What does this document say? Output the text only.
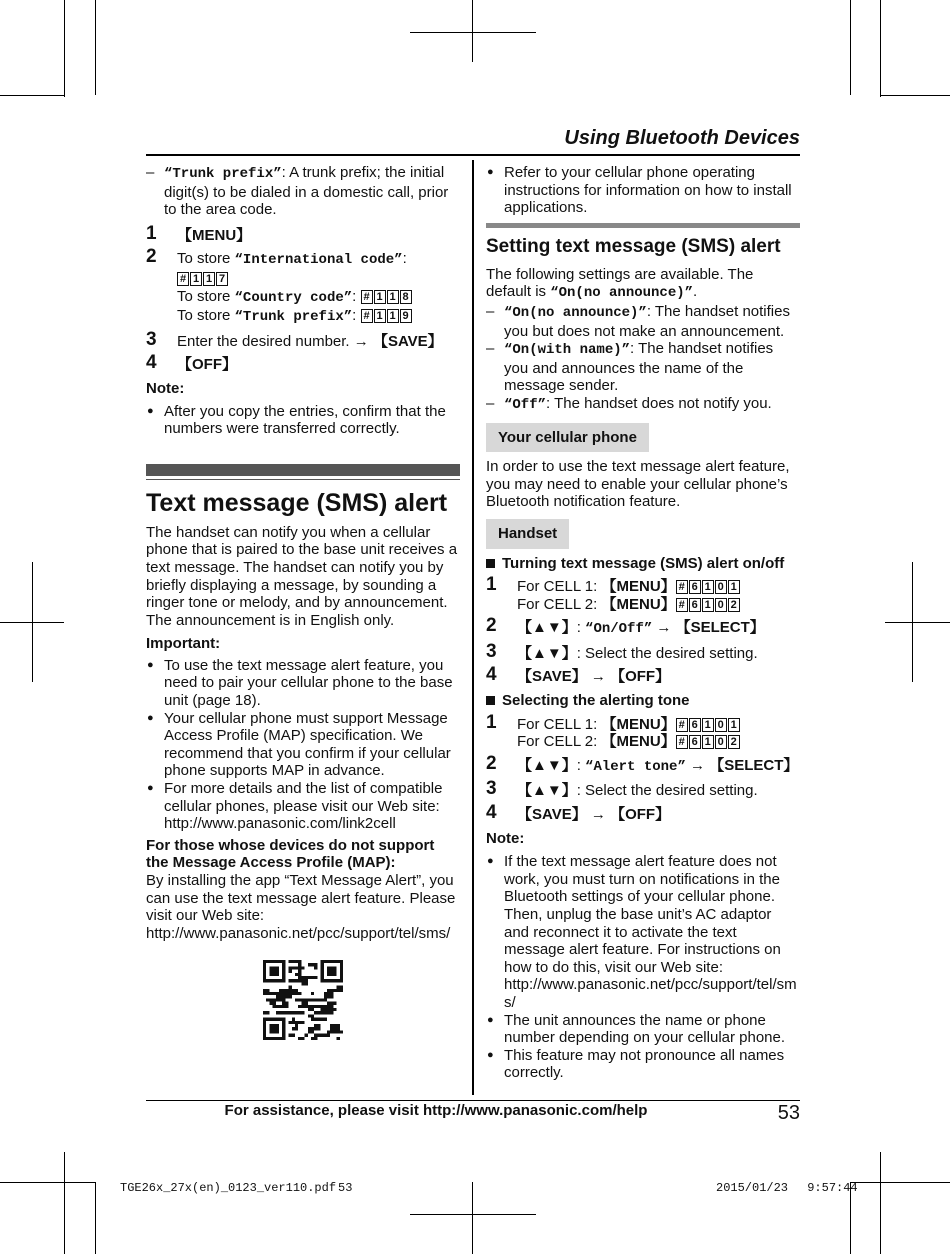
Using Bluetooth Devices

– “Trunk prefix”: A trunk prefix; the initial digit(s) to be dialed in a domestic call, prior to the area code.

1 【MENU】
2 To store “International code”:
# 1 1 7
To store “Country code”: # 1 1 8
To store “Trunk prefix”: # 1 1 9
3 Enter the desired number. → 【SAVE】
4 【OFF】

Note:

● After you copy the entries, confirm that the numbers were transferred correctly.

Text message (SMS) alert

The handset can notify you when a cellular phone that is paired to the base unit receives a text message. The handset can notify you by briefly displaying a message, by sounding a ringer tone or melody, and by announcement. The announcement is in English only.

Important:

● To use the text message alert feature, you need to pair your cellular phone to the base unit (page 18).

● Your cellular phone must support Message Access Profile (MAP) specification. We recommend that you confirm if your cellular phone supports MAP in advance.

● For more details and the list of compatible cellular phones, please visit our Web site: http://www.panasonic.com/link2cell

For those whose devices do not support the Message Access Profile (MAP):

By installing the app “Text Message Alert”, you can use the text message alert feature. Please visit our Web site:

http://www.panasonic.net/pcc/support/tel/sms/

● Refer to your cellular phone operating instructions for information on how to install applications.

Setting text message (SMS) alert

The following settings are available. The default is “On(no announce)”.

– “On(no announce)”: The handset notifies you but does not make an announcement.

– “On(with name)”: The handset notifies you and announces the name of the message sender.

– “Off”: The handset does not notify you.

Your cellular phone

In order to use the text message alert feature, you may need to enable your cellular phone’s Bluetooth notification feature.

Handset

Turning text message (SMS) alert on/off

1 For CELL 1: 【MENU】 # 6 1 0 1
For CELL 2: 【MENU】 # 6 1 0 2
2 【▲▼】: “On/Off” → 【SELECT】
3 【▲▼】: Select the desired setting.
4 【SAVE】 → 【OFF】

Selecting the alerting tone

1 For CELL 1: 【MENU】 # 6 1 0 1
For CELL 2: 【MENU】 # 6 1 0 2
2 【▲▼】: “Alert tone” → 【SELECT】
3 【▲▼】: Select the desired setting.
4 【SAVE】 → 【OFF】

Note:

● If the text message alert feature does not work, you must turn on notifications in the Bluetooth settings of your cellular phone. Then, unplug the base unit’s AC adaptor and reconnect it to activate the text message alert feature. For instructions on how to do this, visit our Web site: http://www.panasonic.net/pcc/support/tel/sms/

● The unit announces the name or phone number depending on your cellular phone.

● This feature may not pronounce all names correctly.

For assistance, please visit http://www.panasonic.com/help	53
TGE26x_27x(en)_0123_ver110.pdf 53	2015/01/23　 9:57:44
